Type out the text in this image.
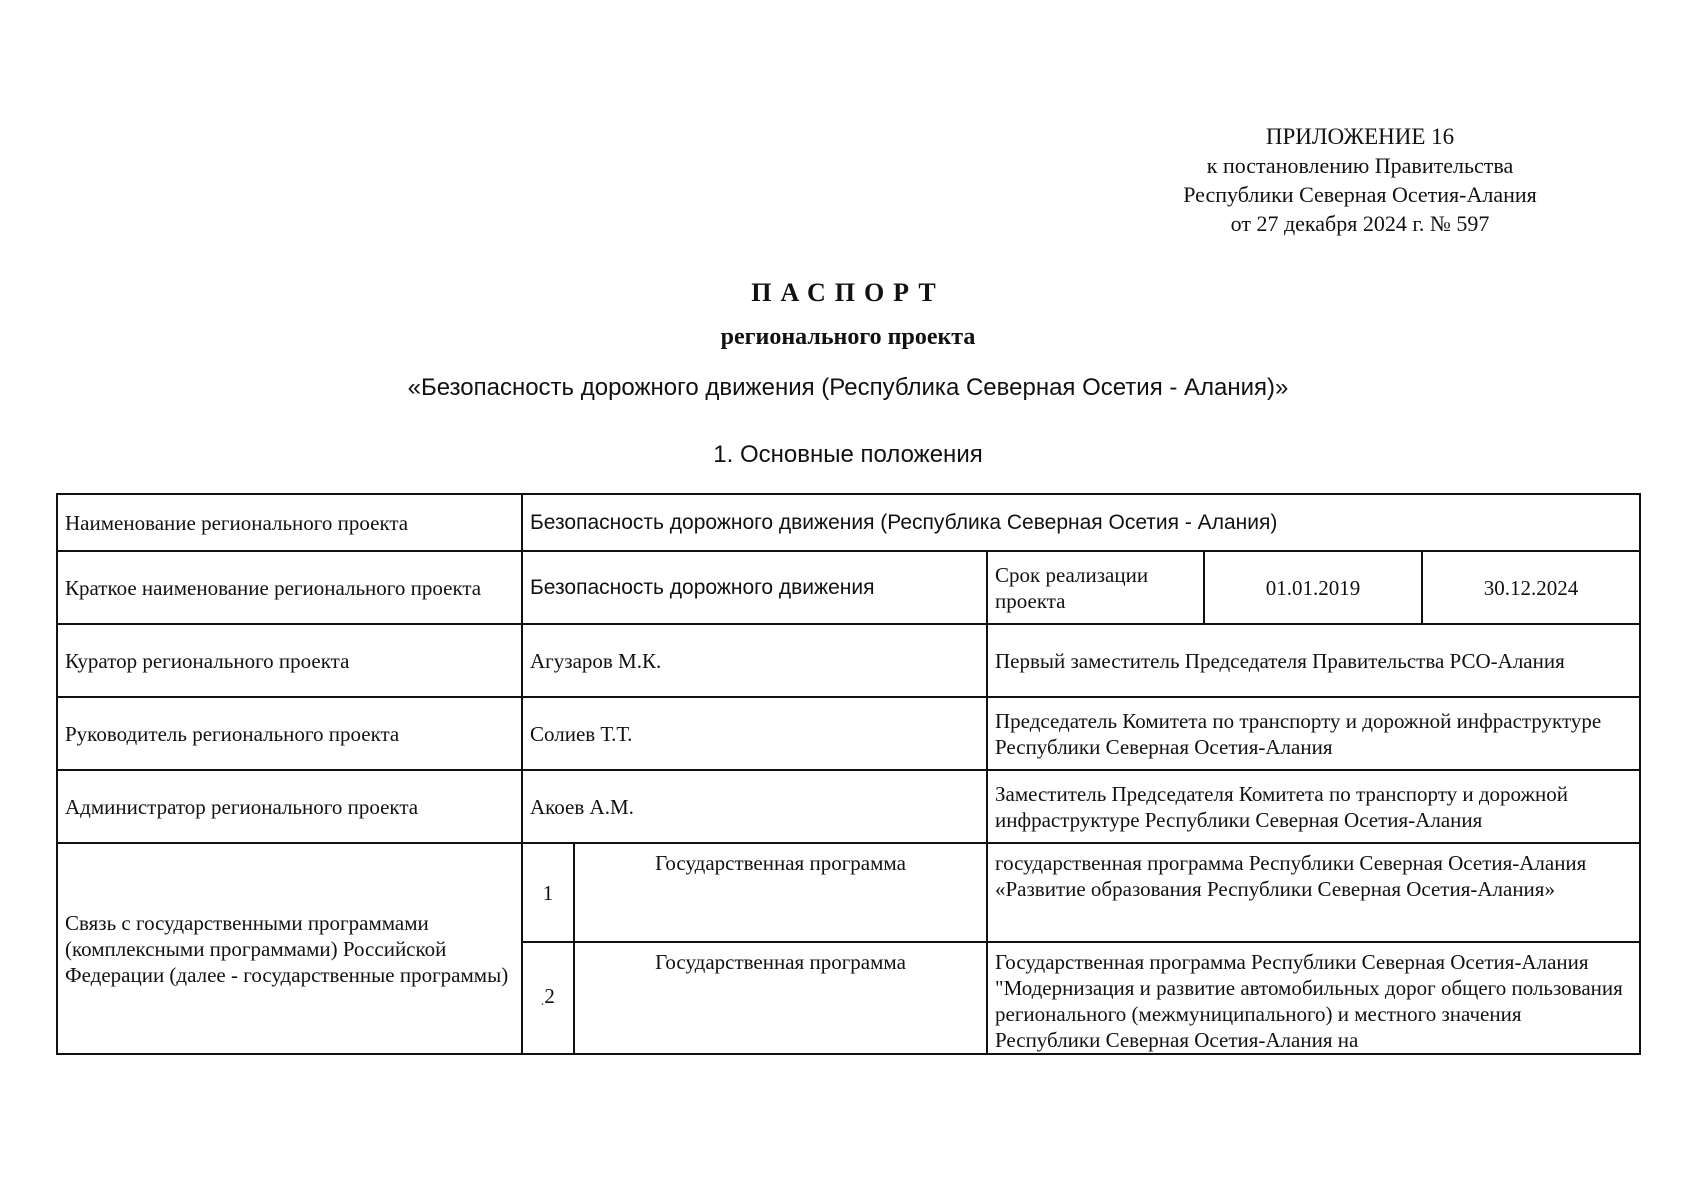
ПРИЛОЖЕНИЕ 16
к постановлению Правительства
Республики Северная Осетия-Алания
от 27 декабря 2024 г. № 597
ПАСПОРТ
регионального проекта
«Безопасность дорожного движения (Республика Северная Осетия - Алания)»
1. Основные положения
Наименование регионального проекта	Безопасность дорожного движения (Республика Северная Осетия - Алания)				
Краткое наименование регионального проекта	Безопасность дорожного движения		Срок реализации проекта	01.01.2019	30.12.2024
Куратор регионального проекта	Агузаров М.К.		Первый заместитель Председателя Правительства РСО-Алания		
Руководитель регионального проекта	Солиев Т.Т.		Председатель Комитета по транспорту и дорожной инфраструктуре Республики Северная Осетия-Алания		
Администратор регионального проекта	Акоев А.М.		Заместитель Председателя Комитета по транспорту и дорожной инфраструктуре Республики Северная Осетия-Алания		
Связь с государственными программами (комплексными программами) Российской Федерации (далее - государственные программы)	1	Государственная программа	государственная программа Республики Северная Осетия-Алания «Развитие образования Республики Северная Осетия-Алания»		
	˛2	Государственная программа	Государственная программа Республики Северная Осетия-Алания "Модернизация и развитие автомобильных дорог общего пользования регионального (межмуниципального) и местного значения Республики Северная Осетия-Алания на		
